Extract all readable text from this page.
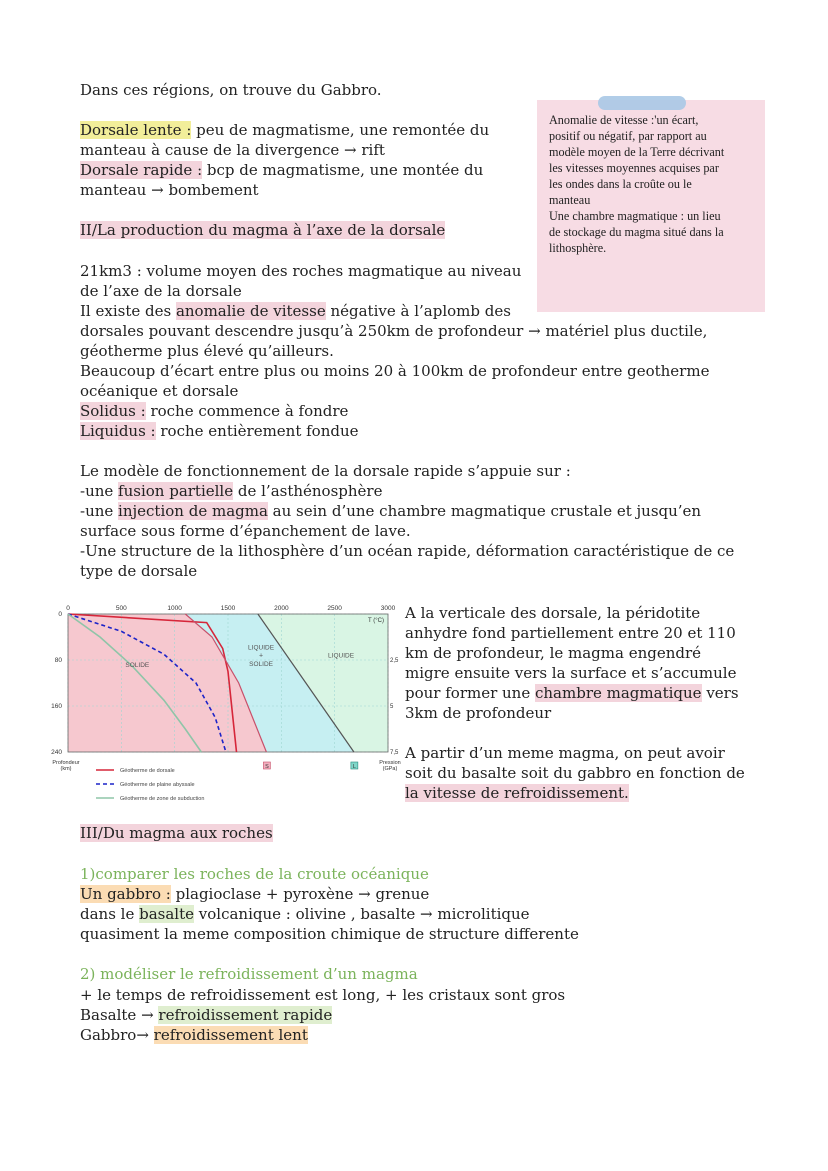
Dans ces régions, on trouve du Gabbro.
Dorsale lente : peu de magmatisme, une remontée du
manteau à cause de la divergence → rift
Dorsale rapide : bcp de magmatisme, une montée du
manteau → bombement
II/La production du magma à l’axe de la dorsale
21km3 : volume moyen des roches magmatique au niveau
de l’axe de la dorsale
Il existe des anomalie de vitesse négative à l’aplomb des
dorsales pouvant descendre jusqu’à 250km de profondeur → matériel plus ductile,
géotherme plus élevé qu’ailleurs.
Beaucoup d’écart entre plus ou moins 20 à 100km de profondeur entre geotherme
océanique et dorsale
Solidus : roche commence à fondre
Liquidus : roche entièrement fondue
Le modèle de fonctionnement de la dorsale rapide s’appuie sur :
-une fusion partielle de l’asthénosphère
-une injection de magma au sein d’une chambre magmatique crustale et jusqu’en
surface sous forme d’épanchement de lave.
-Une structure de la lithosphère d’un océan rapide, déformation caractéristique de ce
type de dorsale
Anomalie de vitesse :'un écart,
positif ou négatif, par rapport au
modèle moyen de la Terre décrivant
les vitesses moyennes acquises par
les ondes dans la croûte ou le
manteau
Une chambre magmatique : un lieu
de stockage du magma situé dans la
lithosphère.
0	500	1000	1500	2000	2500	3000
0
80
160
240
2,5
5
7,5
T (°C)
Profondeur
(km)
Pression
(GPa)
SOLIDE
LIQUIDE
+
SOLIDE
LIQUIDE
S	L
Géotherme de dorsale
Géotherme de plaine abyssale
Géotherme de zone de subduction
A la verticale des dorsale, la péridotite
anhydre fond partiellement entre 20 et 110
km de profondeur, le magma engendré
migre ensuite vers la surface et s’accumule
pour former une chambre magmatique vers
3km de profondeur
A partir d’un meme magma, on peut avoir
soit du basalte soit du gabbro en fonction de
la vitesse de refroidissement.
III/Du magma aux roches
1)comparer les roches de la croute océanique
Un gabbro : plagioclase + pyroxène → grenue
dans le basalte volcanique : olivine , basalte → microlitique
quasiment la meme composition chimique de structure differente
2) modéliser le refroidissement d’un magma
+ le temps de refroidissement est long, + les cristaux sont gros
Basalte → refroidissement rapide
Gabbro→ refroidissement lent
